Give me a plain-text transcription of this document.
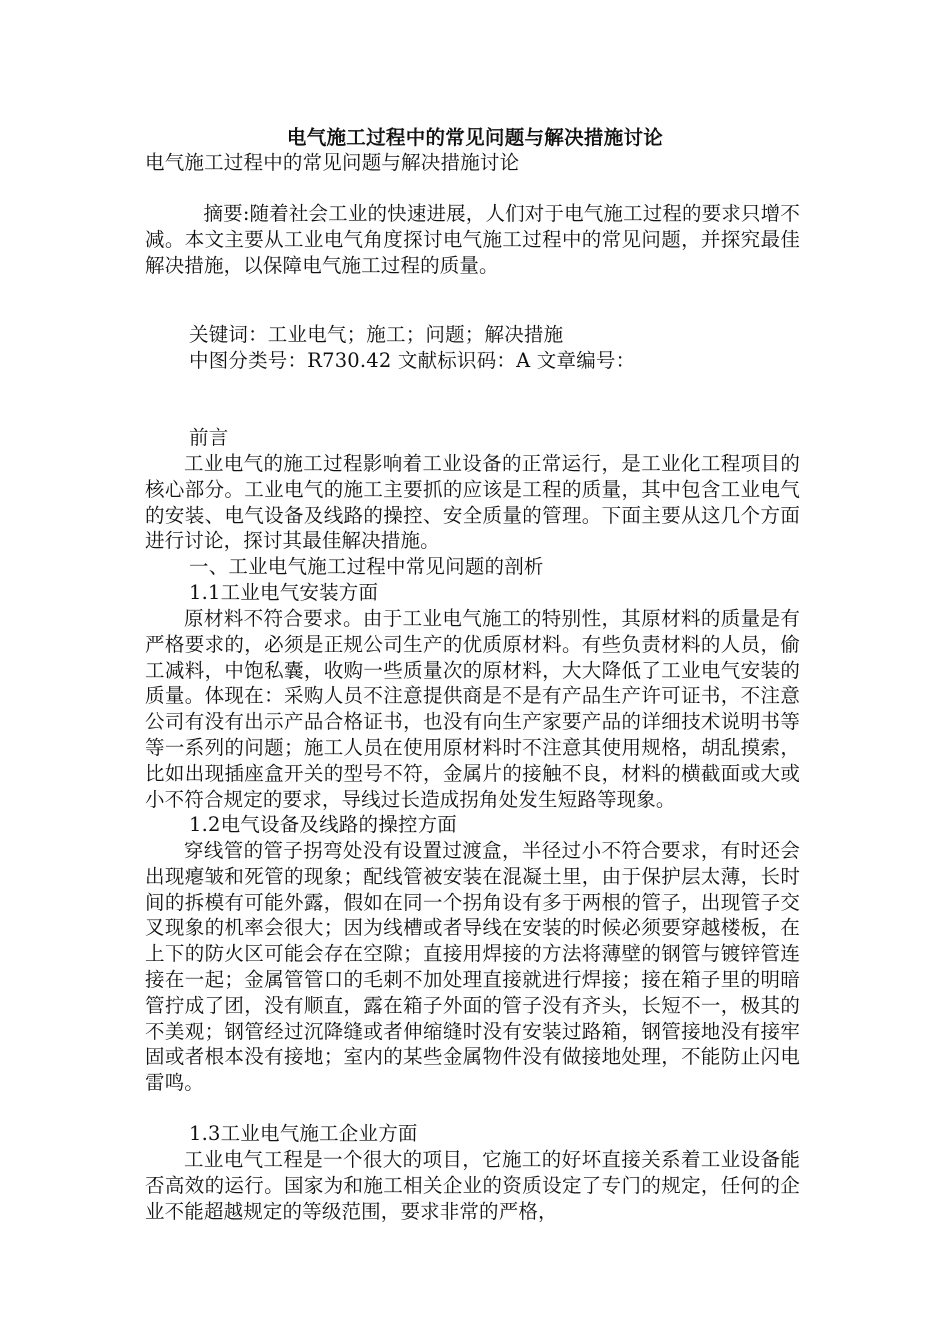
电气施工过程中的常见问题与解决措施讨论
电气施工过程中的常见问题与解决措施讨论

摘要:随着社会工业的快速进展，人们对于电气施工过程的要求只增不减。本文主要从工业电气角度探讨电气施工过程中的常见问题，并探究最佳解决措施，以保障电气施工过程的质量。

关键词：工业电气；施工；问题；解决措施
中图分类号：R730.42 文献标识码：A 文章编号：
前言

工业电气的施工过程影响着工业设备的正常运行，是工业化工程项目的核心部分。工业电气的施工主要抓的应该是工程的质量，其中包含工业电气的安装、电气设备及线路的操控、安全质量的管理。下面主要从这几个方面进行讨论，探讨其最佳解决措施。

一、工业电气施工过程中常见问题的剖析
1.1工业电气安装方面

原材料不符合要求。由于工业电气施工的特别性，其原材料的质量是有严格要求的，必须是正规公司生产的优质原材料。有些负责材料的人员，偷工减料，中饱私囊，收购一些质量次的原材料，大大降低了工业电气安装的质量。体现在：采购人员不注意提供商是不是有产品生产许可证书，不注意公司有没有出示产品合格证书，也没有向生产家要产品的详细技术说明书等等一系列的问题；施工人员在使用原材料时不注意其使用规格，胡乱摸索，比如出现插座盒开关的型号不符，金属片的接触不良，材料的横截面或大或小不符合规定的要求，导线过长造成拐角处发生短路等现象。

1.2电气设备及线路的操控方面

穿线管的管子拐弯处没有设置过渡盒，半径过小不符合要求，有时还会出现瘪皱和死管的现象；配线管被安装在混凝土里，由于保护层太薄，长时间的拆模有可能外露，假如在同一个拐角设有多于两根的管子，出现管子交叉现象的机率会很大；因为线槽或者导线在安装的时候必须要穿越楼板，在上下的防火区可能会存在空隙；直接用焊接的方法将薄壁的钢管与镀锌管连接在一起；金属管管口的毛刺不加处理直接就进行焊接；接在箱子里的明暗管拧成了团，没有顺直，露在箱子外面的管子没有齐头，长短不一，极其的不美观；钢管经过沉降缝或者伸缩缝时没有安装过路箱，钢管接地没有接牢固或者根本没有接地；室内的某些金属物件没有做接地处理，不能防止闪电雷鸣。

1.3工业电气施工企业方面

工业电气工程是一个很大的项目，它施工的好坏直接关系着工业设备能否高效的运行。国家为和施工相关企业的资质设定了专门的规定，任何的企业不能超越规定的等级范围，要求非常的严格，
